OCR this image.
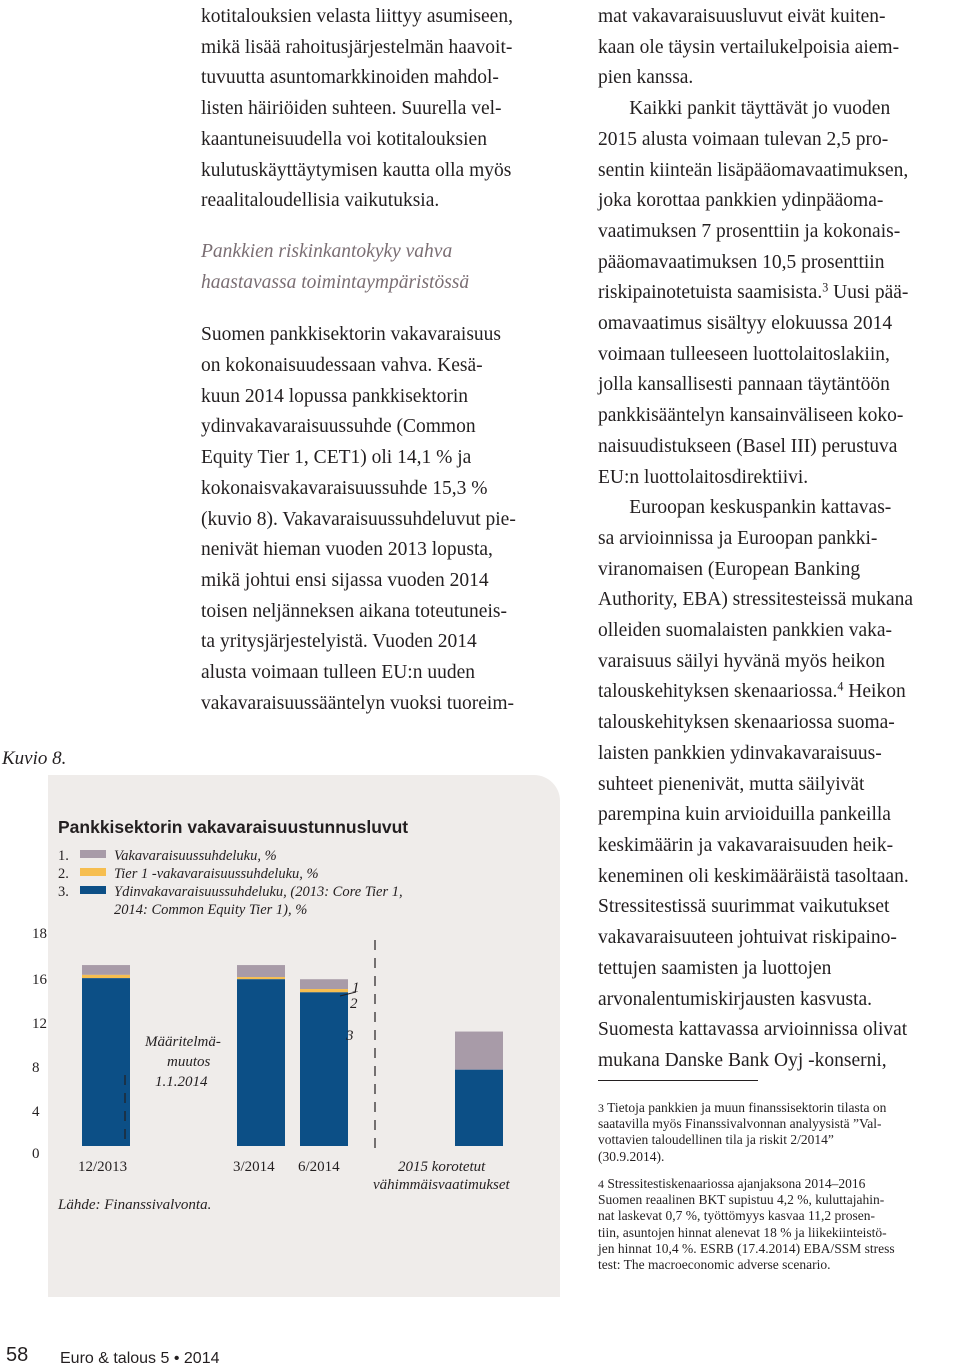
kotitalouksien velasta liittyy asumiseen,
mikä lisää rahoitusjärjestelmän haavoit-
tuvuutta asuntomarkkinoiden mahdol-
listen häiriöiden suhteen. Suurella vel-
kaantuneisuudella voi kotitalouksien
kulutuskäyttäytymisen kautta olla myös
reaalitaloudellisia vaikutuksia.

Pankkien riskinkantokyky vahva
haastavassa toimintaympäristössä

Suomen pankkisektorin vakavaraisuus
on kokonaisuudessaan vahva. Kesä-
kuun 2014 lopussa pankkisektorin
ydinvakavaraisuussuhde (Common
Equity Tier 1, CET1) oli 14,1 % ja
kokonaisvakavaraisuussuhde 15,3 %
(kuvio 8). Vakavaraisuussuhdeluvut pie-
nenivät hieman vuoden 2013 lopusta,
mikä johtui ensi sijassa vuoden 2014
toisen neljänneksen aikana toteutuneis-
ta yritysjärjestelyistä. Vuoden 2014
alusta voimaan tulleen EU:n uuden
vakavaraisuussääntelyn vuoksi tuoreim-
mat vakavaraisuusluvut eivät kuiten-
kaan ole täysin vertailukelpoisia aiem-
pien kanssa.
Kaikki pankit täyttävät jo vuoden
2015 alusta voimaan tulevan 2,5 pro-
sentin kiinteän lisäpääomavaatimuksen,
joka korottaa pankkien ydinpääoma-
vaatimuksen 7 prosenttiin ja kokonais-
pääomavaatimuksen 10,5 prosenttiin
riskipainotetuista saamisista.$^3$ Uusi pää-
omavaatimus sisältyy elokuussa 2014
voimaan tulleeseen luottolaitoslakiin,
jolla kansallisesti pannaan täytäntöön
pankkisääntelyn kansainväliseen koko-
naisuudistukseen (Basel III) perustuva
EU:n luottolaitosdirektiivi.
Euroopan keskuspankin kattavas-
sa arvioinnissa ja Euroopan pankki-
viranomaisen (European Banking
Authority, EBA) stressitesteissä mukana
olleiden suomalaisten pankkien vaka-
varaisuus säilyi hyvänä myös heikon
talouskehityksen skenaariossa.$^4$ Heikon
talouskehityksen skenaariossa suoma-
laisten pankkien ydinvakavaraisuus-
suhteet pienenivät, mutta säilyivät
parempina kuin arvioiduilla pankeilla
keskimäärin ja vakavaraisuuden heik-
keneminen oli keskimääräistä tasoltaan.
Stressitestissä suurimmat vaikutukset
vakavaraisuuteen johtuivat riskipaino-
tettujen saamisten ja luottojen
arvonalentumiskirjausten kasvusta.
Suomesta kattavassa arvioinnissa olivat
mukana Danske Bank Oyj -konserni,
Kuvio 8.
Pankkisektorin vakavaraisuustunnusluvut
1.	Vakavaraisuussuhdeluku, %
2.	Tier 1 -vakavaraisuussuhdeluku, %
3.	Ydinvakavaraisuussuhdeluku, (2013: Core Tier 1,
2014: Common Equity Tier 1), %
0
4
8
12
16
18
Määritelmä-
muutos
1.1.2014
1
2
3
12/2013	3/2014 6/2014	2015 korotetut
vähimmäisvaatimukset
Lähde: Finanssivalvonta.
3 Tietoja pankkien ja muun finanssisektorin tilasta on
saatavilla myös Finanssivalvonnan analyysistä ”Val-
vottavien taloudellinen tila ja riskit 2/2014”
(30.9.2014).
4 Stressitestiskenaariossa ajanjaksona 2014–2016
Suomen reaalinen BKT supistuu 4,2 %, kuluttajahin-
nat laskevat 0,7 %, työttömyys kasvaa 11,2 prosen-
tiin, asuntojen hinnat alenevat 18 % ja liikekiinteistö-
jen hinnat 10,4 %. ESRB (17.4.2014) EBA/SSM stress
test: The macroeconomic adverse scenario.
58 Euro & talous 5 • 2014
